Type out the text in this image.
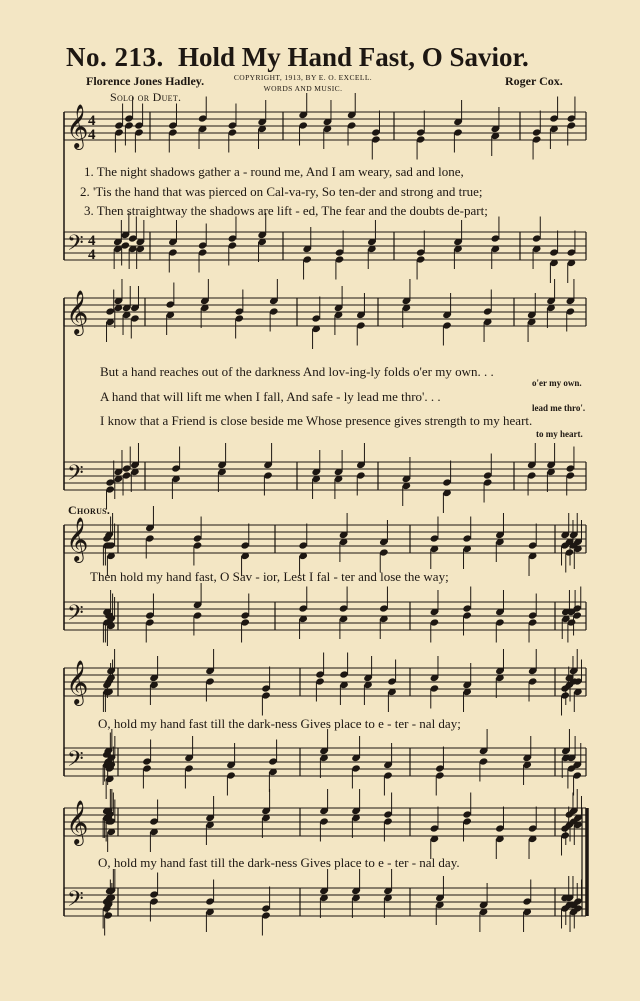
No. 213. Hold My Hand Fast, O Savior.
Florence Jones Hadley.	COPYRIGHT, 1913, BY E. O. EXCELL.
WORDS AND MUSIC.
Roger Cox.
Solo or Duet.
1. The night shadows gather a - round me, And I am weary, sad and lone,
2. 'Tis the hand that was pierced on Cal-va-ry, So ten-der and strong and true;
3. Then straightway the shadows are lift - ed, The fear and the doubts de-part;
But a hand reaches out of the darkness And lov-ing-ly folds o'er my own. . .
o'er my own.
A hand that will lift me when I fall, And safe - ly lead me thro'. . .
lead me thro'.
I know that a Friend is close beside me Whose presence gives strength to my heart.
to my heart.
Chorus.
Then hold my hand fast, O Sav - ior, Lest I fal - ter and lose the way;
O, hold my hand fast till the dark-ness Gives place to e - ter - nal day;
O, hold my hand fast till the dark-ness Gives place to e - ter - nal day.
𝄞 4
4
𝄢 4
4
𝄞
𝄢
𝄞
𝄢
𝄞
𝄢
𝄞
𝄢
